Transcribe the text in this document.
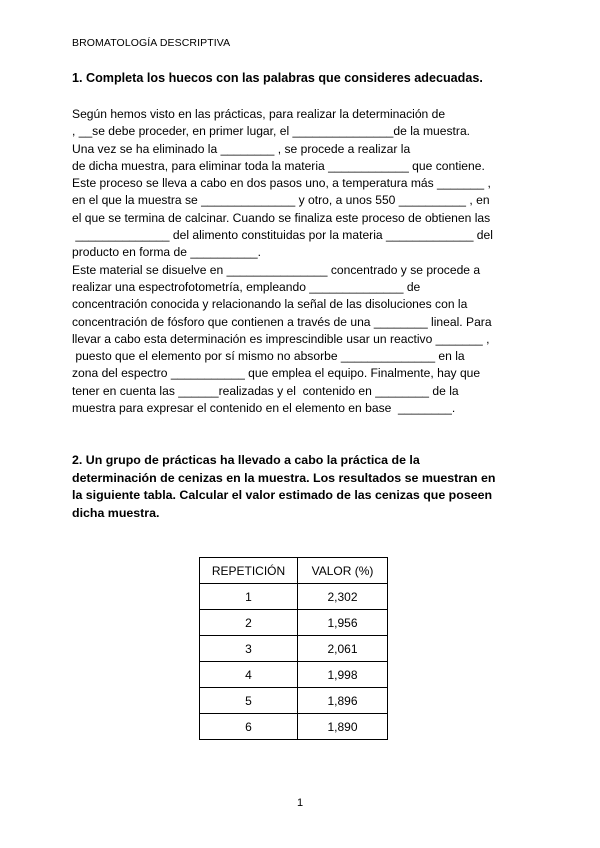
BROMATOLOGÍA DESCRIPTIVA
1. Completa los huecos con las palabras que consideres adecuadas.
Según hemos visto en las prácticas, para realizar la determinación de
, __se debe proceder, en primer lugar, el _______________de la muestra.
Una vez se ha eliminado la ________ , se procede a realizar la
de dicha muestra, para eliminar toda la materia ____________ que contiene.
Este proceso se lleva a cabo en dos pasos uno, a temperatura más _______ ,
en el que la muestra se ______________ y otro, a unos 550 __________ , en
el que se termina de calcinar. Cuando se finaliza este proceso de obtienen las
______________ del alimento constituidas por la materia _____________ del
producto en forma de __________.
Este material se disuelve en _______________ concentrado y se procede a
realizar una espectrofotometría, empleando ______________ de
concentración conocida y relacionando la señal de las disoluciones con la
concentración de fósforo que contienen a través de una ________ lineal. Para
llevar a cabo esta determinación es imprescindible usar un reactivo _______ ,
puesto que el elemento por sí mismo no absorbe ______________ en la
zona del espectro ___________ que emplea el equipo. Finalmente, hay que
tener en cuenta las ______realizadas y el  contenido en ________ de la
muestra para expresar el contenido en el elemento en base  ________.
2. Un grupo de prácticas ha llevado a cabo la práctica de la
determinación de cenizas en la muestra. Los resultados se muestran en
la siguiente tabla. Calcular el valor estimado de las cenizas que poseen
dicha muestra.
REPETICIÓN	VALOR (%)
1	2,302
2	1,956
3	2,061
4	1,998
5	1,896
6	1,890
1
